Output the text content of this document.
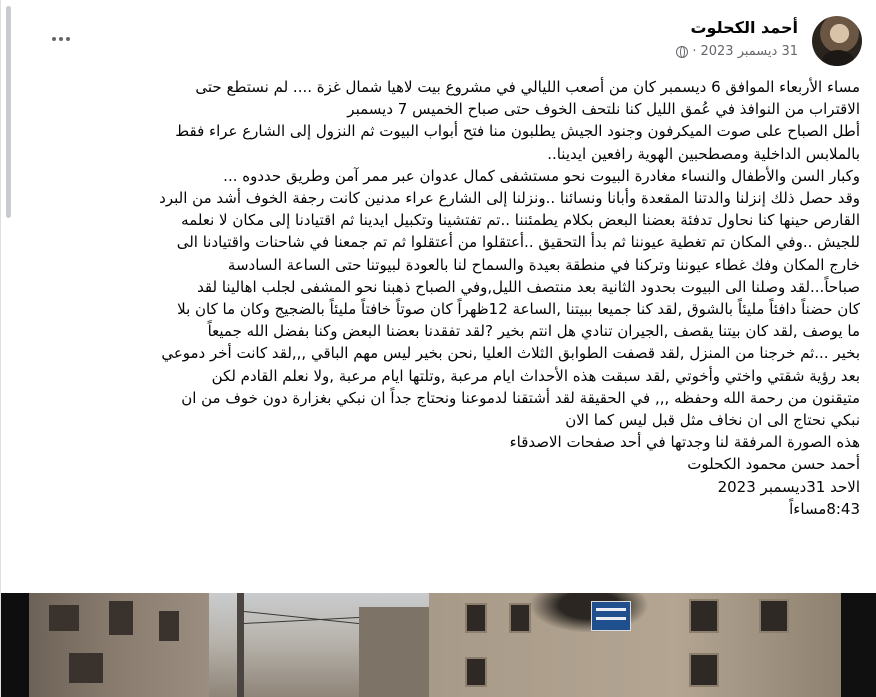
أحمد الكحلوت
31 ديسمبر 2023
·
مساء الأربعاء الموافق 6 ديسمبر كان من أصعب الليالي في مشروع بيت لاهيا شمال غزة .... لم نستطع حتى
الاقتراب من النوافذ في عُمق الليل كنا نلتحف الخوف حتى صباح الخميس 7 ديسمبر
أطل الصباح على صوت الميكرفون وجنود الجيش يطلبون منا فتح أبواب البيوت ثم النزول إلى الشارع عراء فقط
بالملابس الداخلية ومصطحبين الهوية رافعين ايدينا..
وكبار السن والأطفال والنساء مغادرة البيوت نحو مستشفى كمال عدوان عبر ممر آمن وطريق حددوه ...
وقد حصل ذلك إنزلنا والدتنا المقعدة وأبانا ونسائنا ..ونزلنا إلى الشارع عراء مدنين كانت رجفة الخوف أشد من البرد
القارص حينها كنا نحاول تدفئة بعضنا البعض بكلام يطمئننا ..تم تفتشينا وتكبيل ايدينا ثم اقتيادنا إلى مكان لا نعلمه
للجيش ..وفي المكان تم تغطية عيوننا ثم بدأ التحقيق ..أعتقلوا من أعتقلوا ثم تم جمعنا في شاحنات واقتيادنا الى
خارج المكان وفك غطاء عيوننا وتركنا في منطقة بعيدة والسماح لنا بالعودة لبيوتنا حتى الساعة السادسة
صباحاً...لقد وصلنا الى البيوت بحدود الثانية بعد منتصف الليل,وفي الصباح ذهبنا نحو المشفى لجلب اهالينا لقد
كان حضناً دافئاً مليئاً بالشوق ,لقد كنا جميعا ببيتنا ,الساعة 12ظهراً كان صوتاً خافتاً مليئاً بالضجيج وكان ما كان بلا
ما يوصف ,لقد كان بيتنا يقصف ,الجيران تنادي هل انتم بخير ?لقد تفقدنا بعضنا البعض وكنا بفضل الله جميعاً
بخير ...ثم خرجنا من المنزل ,لقد قصفت الطوابق الثلاث العليا ,نحن بخير ليس مهم الباقي ,,,لقد كانت أخر دموعي
بعد رؤية شقتي واختي وأخوتي ,لقد سبقت هذه الأحداث ايام مرعبة ,وتلتها ايام مرعبة ,ولا نعلم القادم لكن
متيقنون من رحمة الله وحفظه ,,, في الحقيقة لقد أشتقنا لدموعنا ونحتاج جداً ان نبكي بغزارة دون خوف من ان
نبكي نحتاج الى ان نخاف مثل قبل ليس كما الان
هذه الصورة المرفقة لنا وجدتها في أحد صفحات الاصدقاء
أحمد حسن محمود الكحلوت
الاحد 31ديسمبر 2023
8:43مساءاً
